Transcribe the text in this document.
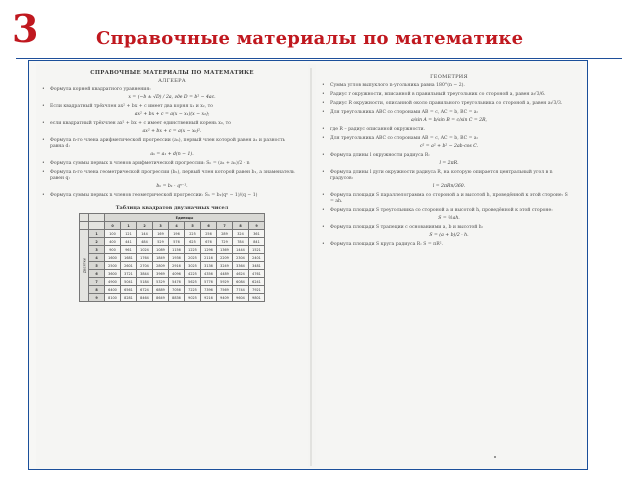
3	Справочные материалы по математике
СПРАВОЧНЫЕ МАТЕРИАЛЫ ПО МАТЕМАТИКЕ
АЛГЕБРА
• Формула корней квадратного уравнения:
x = (−b ± √D) / 2a, где D = b² − 4ac.
• Если квадратный трёхчлен ax² + bx + c имеет два корня x₁ и x₂, то
ax² + bx + c = a(x − x₁)(x − x₂);
• если квадратный трёхчлен ax² + bx + c имеет единственный корень x₀, то
ax² + bx + c = a(x − x₀)².
• Формула n-го члена арифметической прогрессии (aₙ), первый член которой равен a₁ и разность равна d:
aₙ = a₁ + d(n − 1).
• Формула суммы первых n членов арифметической прогрессии: Sₙ = (a₁ + aₙ)/2 · n
• Формула n-го члена геометрической прогрессии (bₙ), первый член которой равен b₁, а знаменатель равен q:
bₙ = b₁ · qⁿ⁻¹.
• Формула суммы первых n членов геометрической прогрессии: Sₙ = b₁(qⁿ − 1)/(q − 1)
Таблица квадратов двузначных чисел
		Единицы									
		0	1	2	3	4	5	6	7	8	9
Десятки	1	100	121	144	169	196	225	256	289	324	361
	2	400	441	484	529	576	625	676	729	784	841
	3	900	961	1024	1089	1156	1225	1296	1369	1444	1521
	4	1600	1681	1764	1849	1936	2025	2116	2209	2304	2401
	5	2500	2601	2704	2809	2916	3025	3136	3249	3364	3481
	6	3600	3721	3844	3969	4096	4225	4356	4489	4624	4761
	7	4900	5041	5184	5329	5476	5625	5776	5929	6084	6241
	8	6400	6561	6724	6889	7056	7225	7396	7569	7744	7921
	9	8100	8281	8464	8649	8836	9025	9216	9409	9604	9801
ГЕОМЕТРИЯ
• Сумма углов выпуклого n-угольника равна 180°(n − 2).
• Радиус r окружности, вписанной в правильный треугольник со стороной a, равен a√3/6.
• Радиус R окружности, описанной около правильного треугольника со стороной a, равен a√3/3.
• Для треугольника ABC со сторонами AB = c, AC = b, BC = a:
a/sin A = b/sin B = c/sin C = 2R,
• где R – радиус описанной окружности.
• Для треугольника ABC со сторонами AB = c, AC = b, BC = a:
c² = a² + b² − 2ab·cos C.
• Формула длины l окружности радиуса R:
l = 2πR.
• Формула длины l дуги окружности радиуса R, на которую опирается центральный угол в n градусов:
l = 2πRn/360.
• Формула площади S параллелограмма со стороной a и высотой h, проведённой к этой стороне: S = ah.
• Формула площади S треугольника со стороной a и высотой h, проведённой к этой стороне:
S = ½ah.
• Формула площади S трапеции с основаниями a, b и высотой h:
S = (a + b)/2 · h.
• Формула площади S круга радиуса R: S = πR².
